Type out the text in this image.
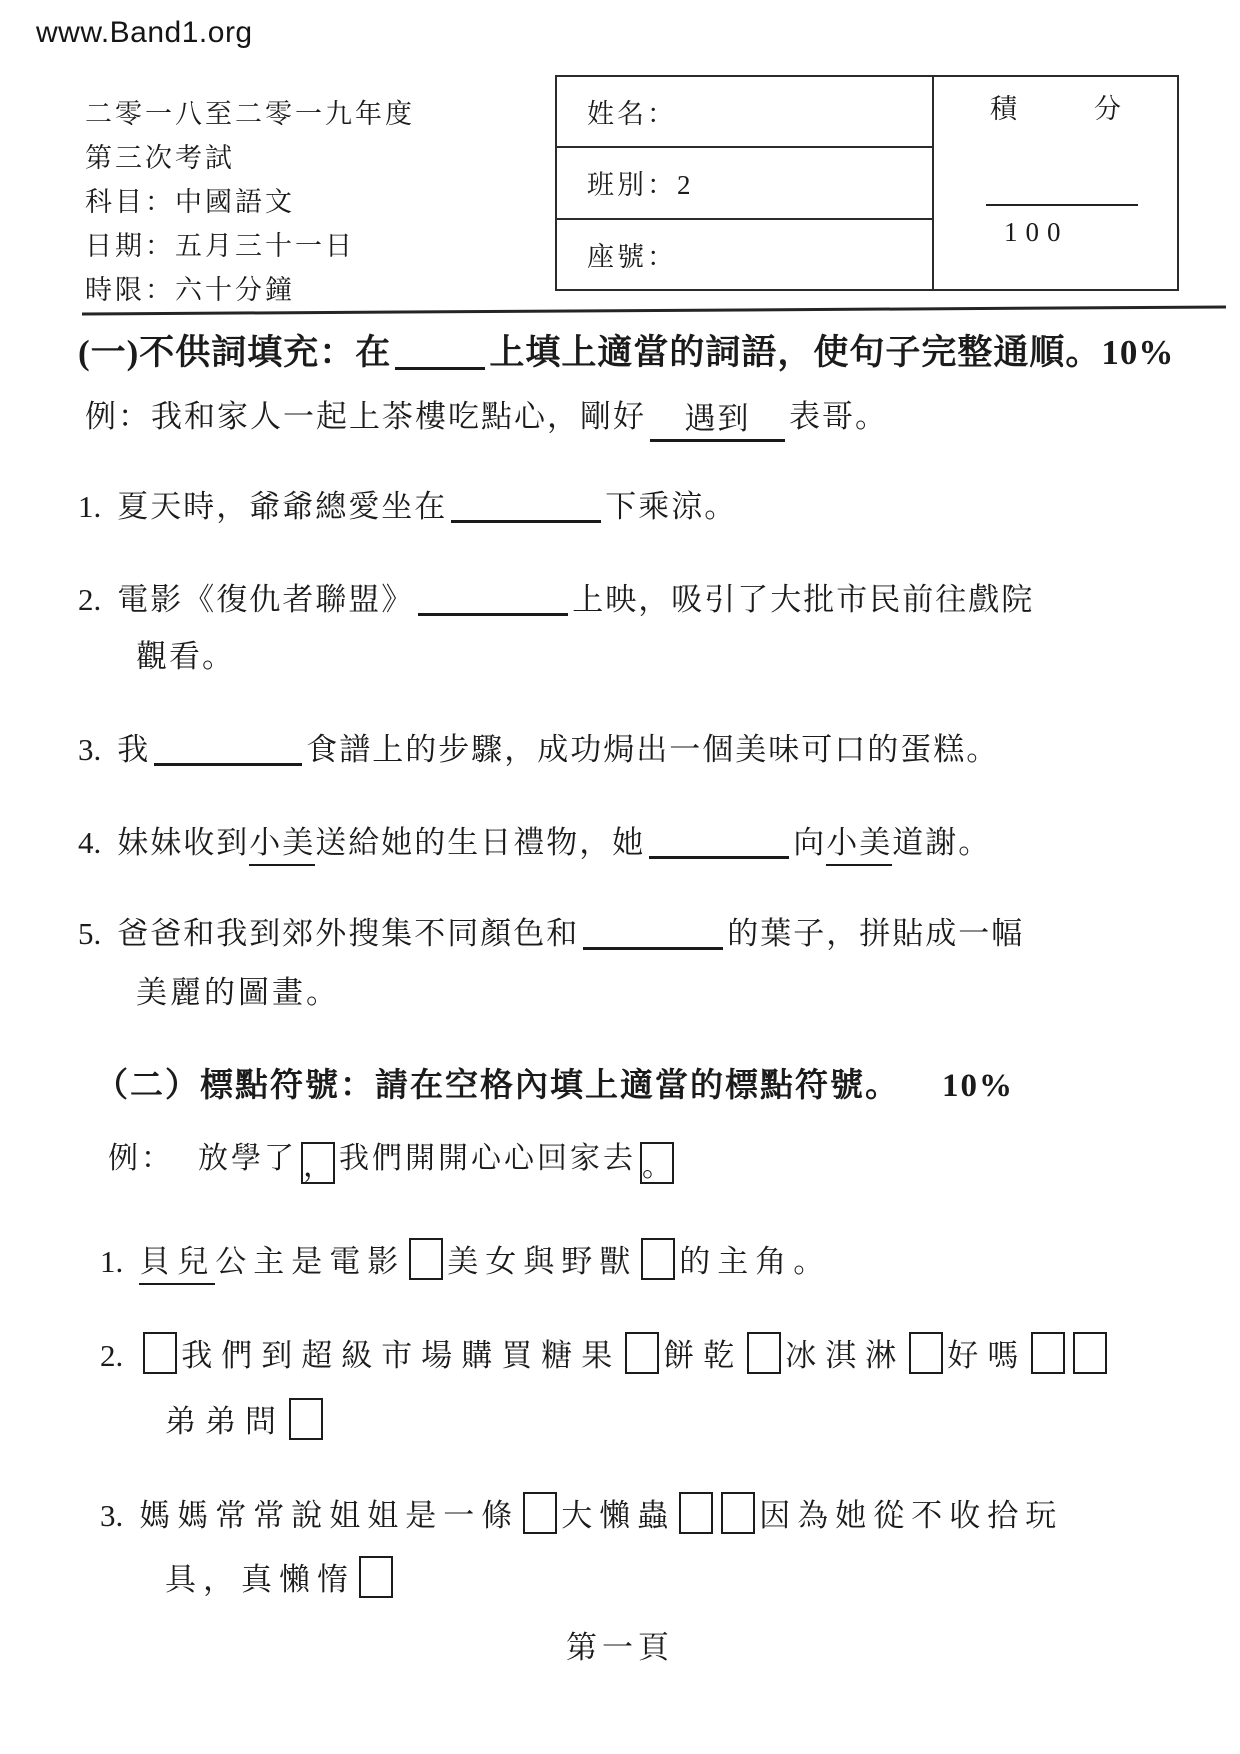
www.Band1.org
二零一八至二零一九年度
第三次考試
科目：中國語文
日期：五月三十一日
時限：六十分鐘
姓名：
班別：2
座號：
積	分
100
(一)不供詞填充：在	上填上適當的詞語，使句子完整通順。10%
例：我和家人一起上茶樓吃點心，剛好	遇到	表哥。
1. 夏天時，爺爺總愛坐在	下乘涼。
2. 電影《復仇者聯盟》	上映，吸引了大批市民前往戲院
觀看。
3. 我	食譜上的步驟，成功焗出一個美味可口的蛋糕。
4. 妹妹收到 小美 送給她的生日禮物，她	向 小美 道謝。
5. 爸爸和我到郊外搜集不同顏色和	的葉子，拼貼成一幅
美麗的圖畫。
（二）標點符號：請在空格內填上適當的標點符號。 10%
例： 放學了 ， 我們開開心心回家去 。
1. 貝兒 公主是電影 美女與野獸 的主角。
2. 我們到超級市場購買糖果 餅乾 冰淇淋 好嗎
弟弟問
3. 媽媽常常說姐姐是一條 大懶蟲	因為她從不收拾玩
具，真懶惰
第一頁
